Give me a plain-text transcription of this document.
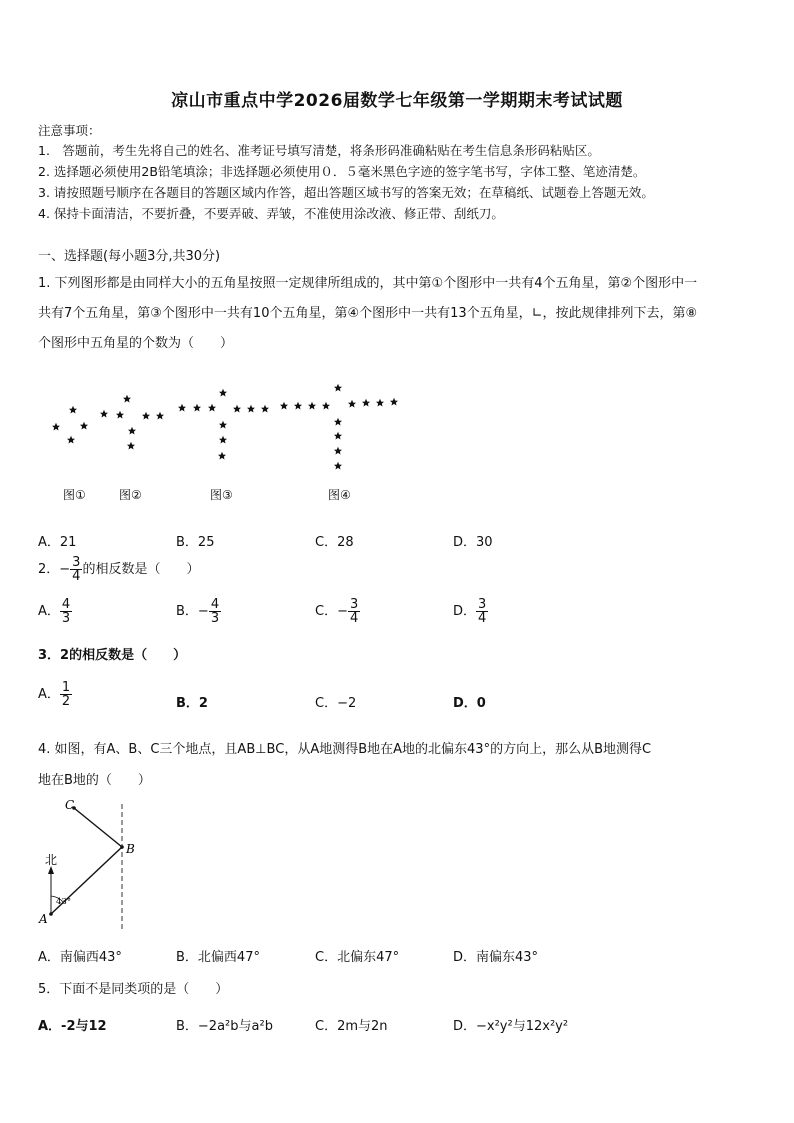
凉山市重点中学2026届数学七年级第一学期期末考试试题
注意事项：
1.　答题前，考生先将自己的姓名、准考证号填写清楚，将条形码准确粘贴在考生信息条形码粘贴区。
2. 选择题必须使用2B铅笔填涂；非选择题必须使用０．５毫米黑色字迹的签字笔书写，字体工整、笔迹清楚。
3. 请按照题号顺序在各题目的答题区域内作答，超出答题区域书写的答案无效；在草稿纸、试题卷上答题无效。
4. 保持卡面清洁，不要折叠，不要弄破、弄皱，不准使用涂改液、修正带、刮纸刀。
一、选择题(每小题3分,共30分)
1. 下列图形都是由同样大小的五角星按照一定规律所组成的，其中第①个图形中一共有4个五角星，第②个图形中一
共有7个五角星，第③个图形中一共有10个五角星，第④个图形中一共有13个五角星，∟，按此规律排列下去，第⑧
个图形中五角星的个数为（　　）
图①	图②	图③	图④
A．21	B．25	C．28	D．30
2．− $\frac{3}{4}$ 的相反数是（　　）
A． $\frac{4}{3}$	B．− $\frac{4}{3}$	C．− $\frac{3}{4}$	D． $\frac{3}{4}$
3．2的相反数是（　　）
A． $\frac{1}{2}$	B．2	C．−2	D．0
4. 如图，有A、B、C三个地点，且AB⊥BC，从A地测得B地在A地的北偏东43°的方向上，那么从B地测得C
地在B地的（　　）
北
43°
A
B
C
A．南偏西43°	B．北偏西47°	C．北偏东47°	D．南偏东43°
5．下面不是同类项的是（　　）
A．-2与12	B．−2a²b与a²b	C．2m与2n	D．−x²y²与12x²y²
